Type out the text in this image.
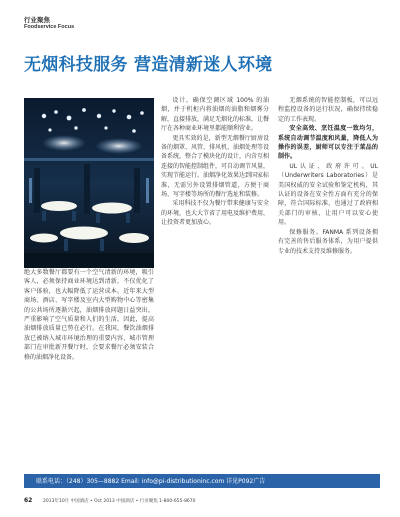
行业聚焦
Foodservice Focus
无烟科技服务 营造清新迷人环境
绝大多数餐厅都要有一个空气清新的环境，吸引客人，必须保持商业环境达到清新，不仅优化了客户体验，也大幅降低了运营成本。近年来大型商场、酒店、写字楼及室内大型购物中心等密集的公共场所逐渐兴起，油烟排放问题日益突出，严重影响了空气质量和人们的生活，因此，提高油烟排放质量已势在必行。在我国，餐饮油烟排放已被纳入城市环境治理的重要内容，城市管理部门在审批新开餐厅时，会要求餐厅必须安装合格的油烟净化设备。

设计，确保空调区域 100% 的油烟，并于机柜内将油烟的油脂和烟雾分解，直接排放，满足无烟化的标准，让餐厅在各种商业环境里都能顺利营业。

更具实效的是，新型无烟餐厅厨房设备的烟罩、风管、排风机、油烟处理等设备系统，整合了模块化的设计，内含互相连接的智能控制组件，可自动调节风量，实现节能运行。油烟净化效果达到国家标准，无需另外设置排烟管道，方便于商场、写字楼等场所的餐厅选址和装修。

采用科技不仅为餐厅带来健康与安全的环境，也大大节省了用电及维护费用，让投资者更加放心。

无烟系统的智能控制板，可以远程监控设备的运行状况，确保持续稳定的工作表现。

安全高效、烹饪温度一致均匀，系统自动调节温度和风量，降低人为操作的误差，厨师可以专注于菜品的制作。

UL认证、政府许可。UL（Underwriters Laboratories）是美国权威的安全试验和鉴定机构，其认证的设备在安全性方面有充分的保障，符合国际标准，也通过了政府相关部门的审核，让用户可以安心使用。

保修服务。FANMA 系列设备拥有完善的售后服务体系，为用户提供专业的技术支持及维修服务。

联系电话：（248）305—8882 Email: info@pi-distributioninc.com 详见P092广告
62 2013年10月 中国酒店 • Oct 2013 中国酒店 • 行业聚焦 1-800-655-8670
